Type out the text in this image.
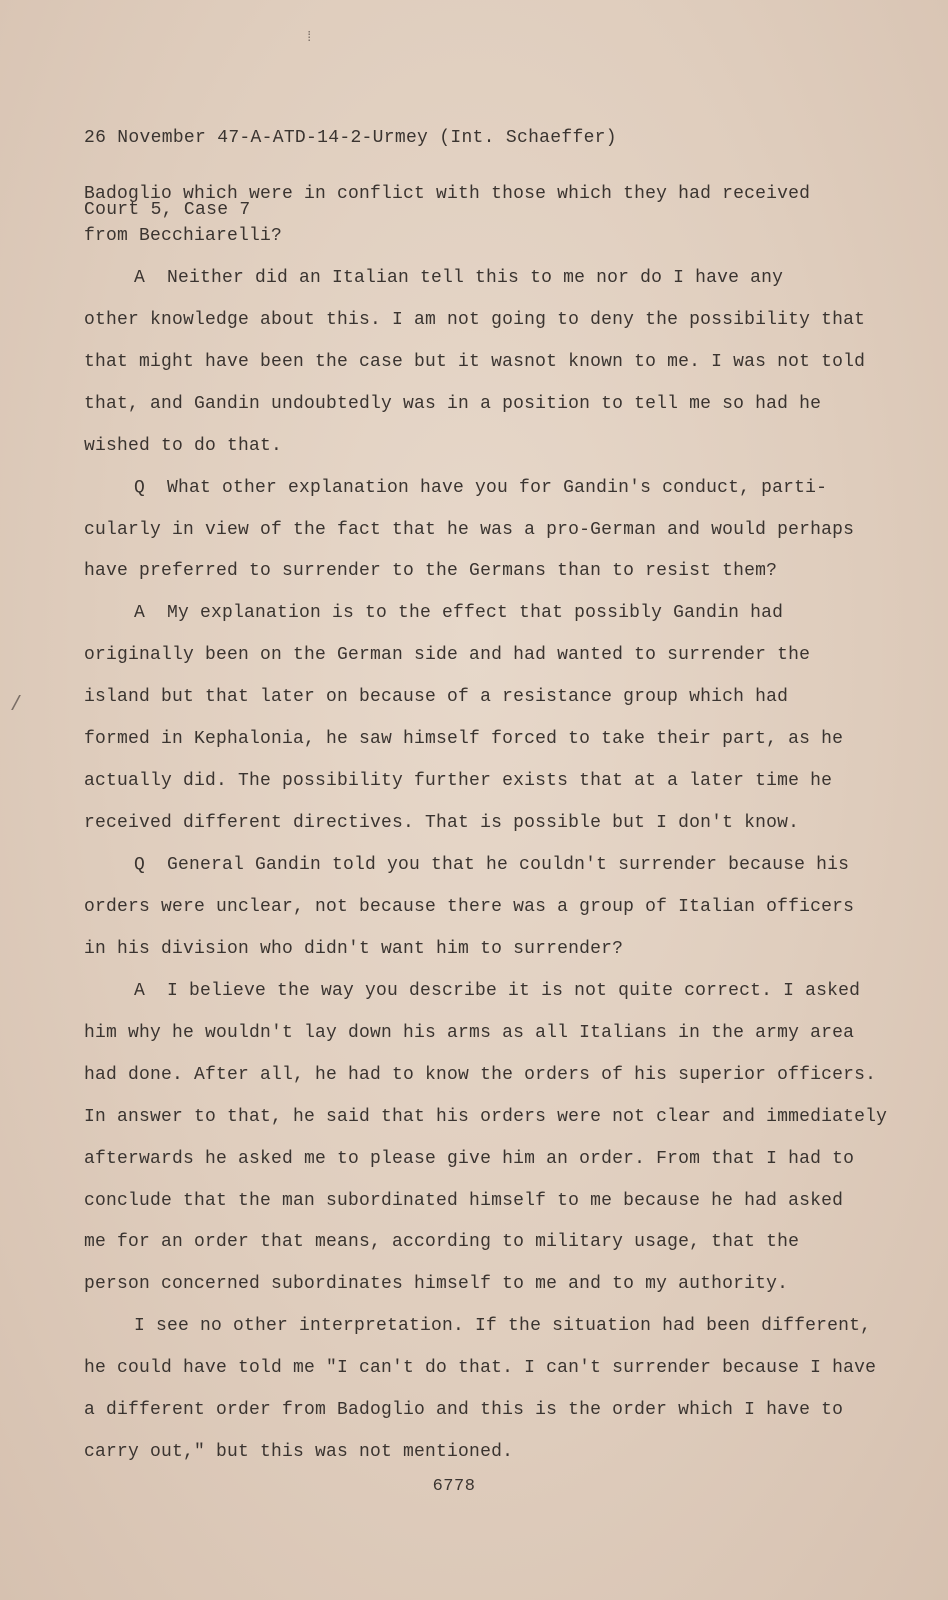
⁞
/

26 November 47-A-ATD-14-2-Urmey (Int. Schaeffer)

Court 5, Case 7

Badoglio which were in conflict with those which they had received
from Becchiarelli?
A  Neither did an Italian tell this to me nor do I have any
other knowledge about this. I am not going to deny the possibility that
that might have been the case but it wasnot known to me. I was not told
that, and Gandin undoubtedly was in a position to tell me so had he
wished to do that.
Q  What other explanation have you for Gandin's conduct, parti-
cularly in view of the fact that he was a pro-German and would perhaps
have preferred to surrender to the Germans than to resist them?
A  My explanation is to the effect that possibly Gandin had
originally been on the German side and had wanted to surrender the
island but that later on because of a resistance group which had
formed in Kephalonia, he saw himself forced to take their part, as he
actually did. The possibility further exists that at a later time he
received different directives. That is possible but I don't know.
Q  General Gandin told you that he couldn't surrender because his
orders were unclear, not because there was a group of Italian officers
in his division who didn't want him to surrender?
A  I believe the way you describe it is not quite correct. I asked
him why he wouldn't lay down his arms as all Italians in the army area
had done. After all, he had to know the orders of his superior officers.
In answer to that, he said that his orders were not clear and immediately
afterwards he asked me to please give him an order. From that I had to
conclude that the man subordinated himself to me because he had asked
me for an order that means, according to military usage, that the
person concerned subordinates himself to me and to my authority.
I see no other interpretation. If the situation had been different,
he could have told me "I can't do that. I can't surrender because I have
a different order from Badoglio and this is the order which I have to
carry out," but this was not mentioned.
6778
